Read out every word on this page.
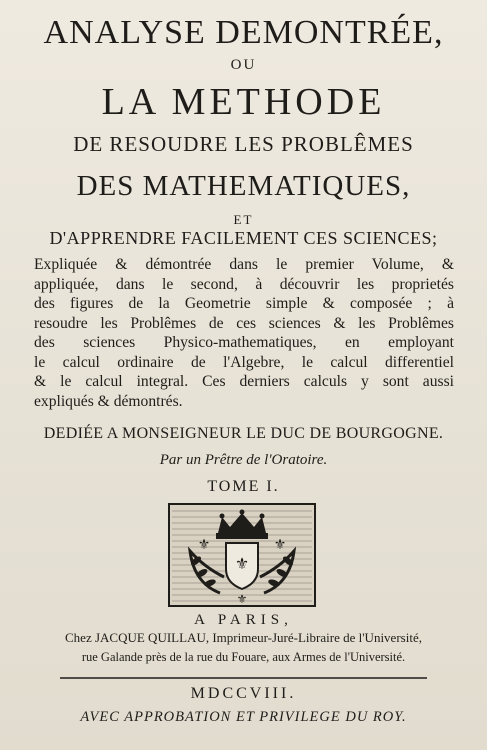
ANALYSE DEMONTRÉE,
OU
LA METHODE
DE RESOUDRE LES PROBLÊMES
DES MATHEMATIQUES,
ET
D'APPRENDRE FACILEMENT CES SCIENCES;
Expliquée & démontrée dans le premier Volume, &
appliquée, dans le second, à découvrir les proprietés
des figures de la Geometrie simple & composée ; à
resoudre les Problêmes de ces sciences & les Problêmes
des sciences Physico-mathematiques, en employant
le calcul ordinaire de l'Algebre, le calcul differentiel
& le calcul integral. Ces derniers calculs y sont aussi
expliqués & démontrés.
DEDIÉE A MONSEIGNEUR LE DUC DE BOURGOGNE.
Par un Prêtre de l'Oratoire.
TOME I.
⚜
⚜	⚜
⚜
A PARIS,
Chez JACQUE QUILLAU, Imprimeur-Juré-Libraire de l'Université,
rue Galande près de la rue du Fouare, aux Armes de l'Université.
MDCCVIII.
AVEC APPROBATION ET PRIVILEGE DU ROY.
